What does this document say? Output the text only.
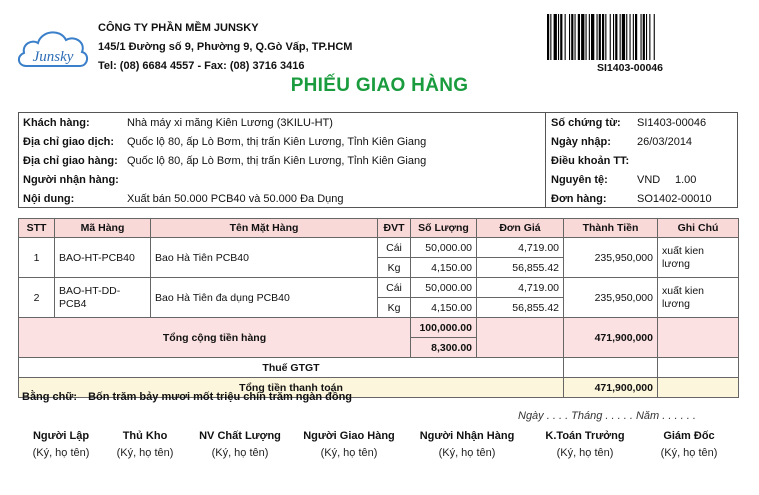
Junsky
CÔNG TY PHẦN MỀM JUNSKY
145/1 Đường số 9, Phường 9, Q.Gò Vấp, TP.HCM
Tel: (08) 6684 4557 - Fax: (08) 3716 3416	SI1403-00046
PHIẾU GIAO HÀNG
Khách hàng:	Nhà máy xi măng Kiên Lương (3KILU-HT)
Địa chỉ giao dịch: Quốc lộ 80, ấp Lò Bơm, thị trấn Kiên Lương, Tỉnh Kiên Giang
Địa chỉ giao hàng: Quốc lộ 80, ấp Lò Bơm, thị trấn Kiên Lương, Tỉnh Kiên Giang
Người nhận hàng:
Nội dung:	Xuất bán 50.000 PCB40 và 50.000 Đa Dụng
Số chứng từ: SI1403-00046
Ngày nhập: 26/03/2014
Điều khoản TT:
Nguyên tệ:	VND 1.00
Đơn hàng:	SO1402-00010
STT	Mã Hàng	Tên Mặt Hàng	ĐVT	Số Lượng	Đơn Giá	Thành Tiền	Ghi Chú
1	BAO-HT-PCB40	Bao Hà Tiên PCB40	Cái	50,000.00	4,719.00	235,950,000	xuất kien lương
			Kg	4,150.00	56,855.42		
2	BAO-HT-DD-PCB4	Bao Hà Tiên đa dụng PCB40	Cái	50,000.00	4,719.00	235,950,000	xuất kien lương
			Kg	4,150.00	56,855.42		
Tổng cộng tiền hàng				100,000.00		471,900,000	
				8,300.00			
Thuế GTGT							
Tổng tiền thanh toán						471,900,000	
Bằng chữ: Bốn trăm bảy mươi mốt triệu chín trăm ngàn đồng
Ngày . . . . Tháng . . . . . Năm . . . . . .
Người Lập
(Ký, họ tên)
Thủ Kho
(Ký, họ tên)
NV Chất Lượng
(Ký, họ tên)
Người Giao Hàng
(Ký, họ tên)
Người Nhận Hàng
(Ký, họ tên)
K.Toán Trưởng
(Ký, họ tên)
Giám Đốc
(Ký, họ tên)
